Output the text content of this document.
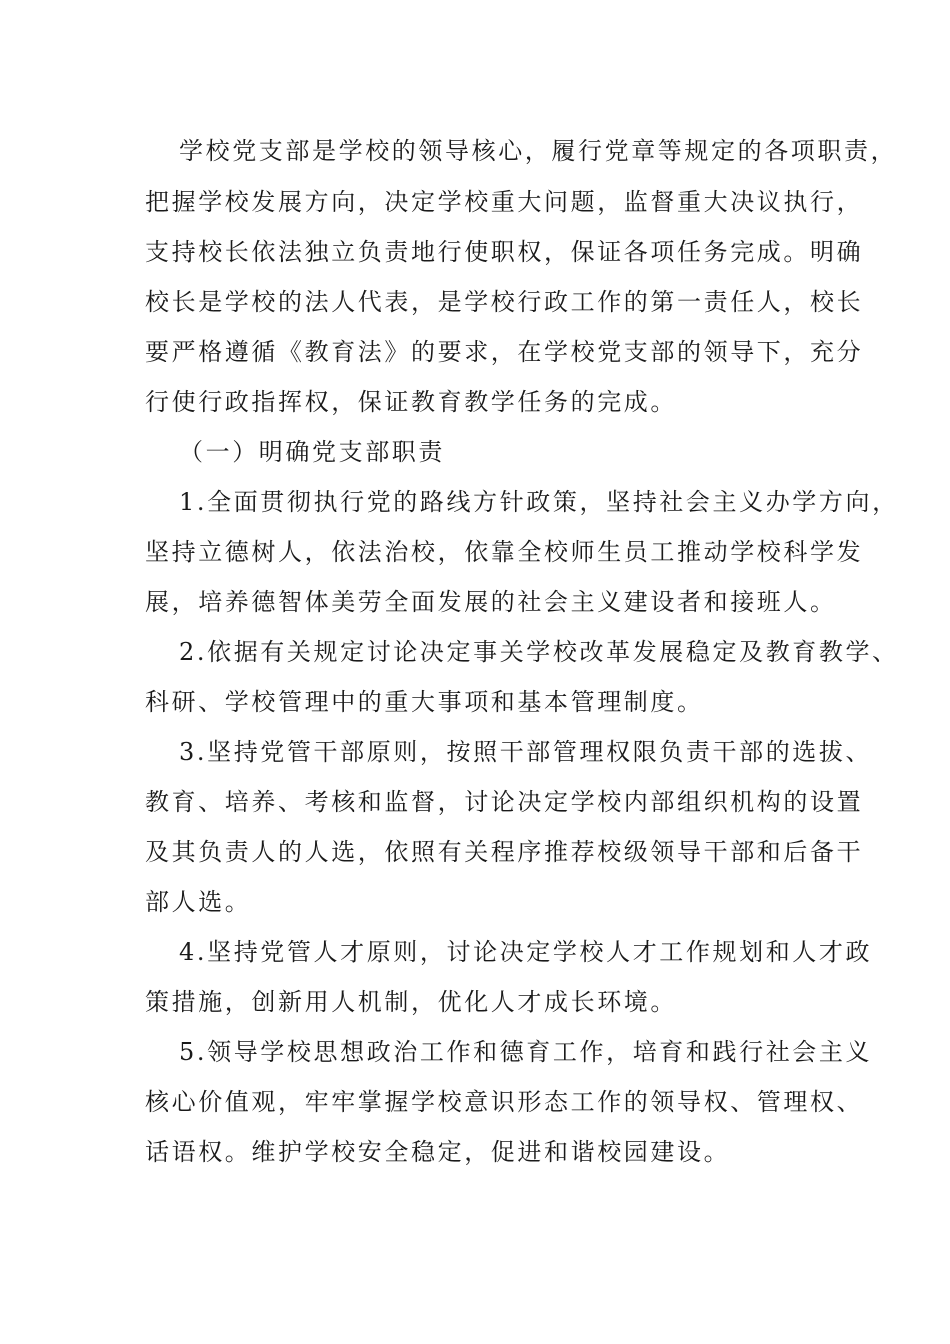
学校党支部是学校的领导核心，履行党章等规定的各项职责，
把握学校发展方向，决定学校重大问题，监督重大决议执行，
支持校长依法独立负责地行使职权，保证各项任务完成。明确
校长是学校的法人代表，是学校行政工作的第一责任人，校长
要严格遵循《教育法》的要求，在学校党支部的领导下，充分
行使行政指挥权，保证教育教学任务的完成。
（一）明确党支部职责
1.全面贯彻执行党的路线方针政策，坚持社会主义办学方向，
坚持立德树人，依法治校，依靠全校师生员工推动学校科学发
展，培养德智体美劳全面发展的社会主义建设者和接班人。
2.依据有关规定讨论决定事关学校改革发展稳定及教育教学、
科研、学校管理中的重大事项和基本管理制度。
3.坚持党管干部原则，按照干部管理权限负责干部的选拔、
教育、培养、考核和监督，讨论决定学校内部组织机构的设置
及其负责人的人选，依照有关程序推荐校级领导干部和后备干
部人选。
4.坚持党管人才原则，讨论决定学校人才工作规划和人才政
策措施，创新用人机制，优化人才成长环境。
5.领导学校思想政治工作和德育工作，培育和践行社会主义
核心价值观，牢牢掌握学校意识形态工作的领导权、管理权、
话语权。维护学校安全稳定，促进和谐校园建设。
